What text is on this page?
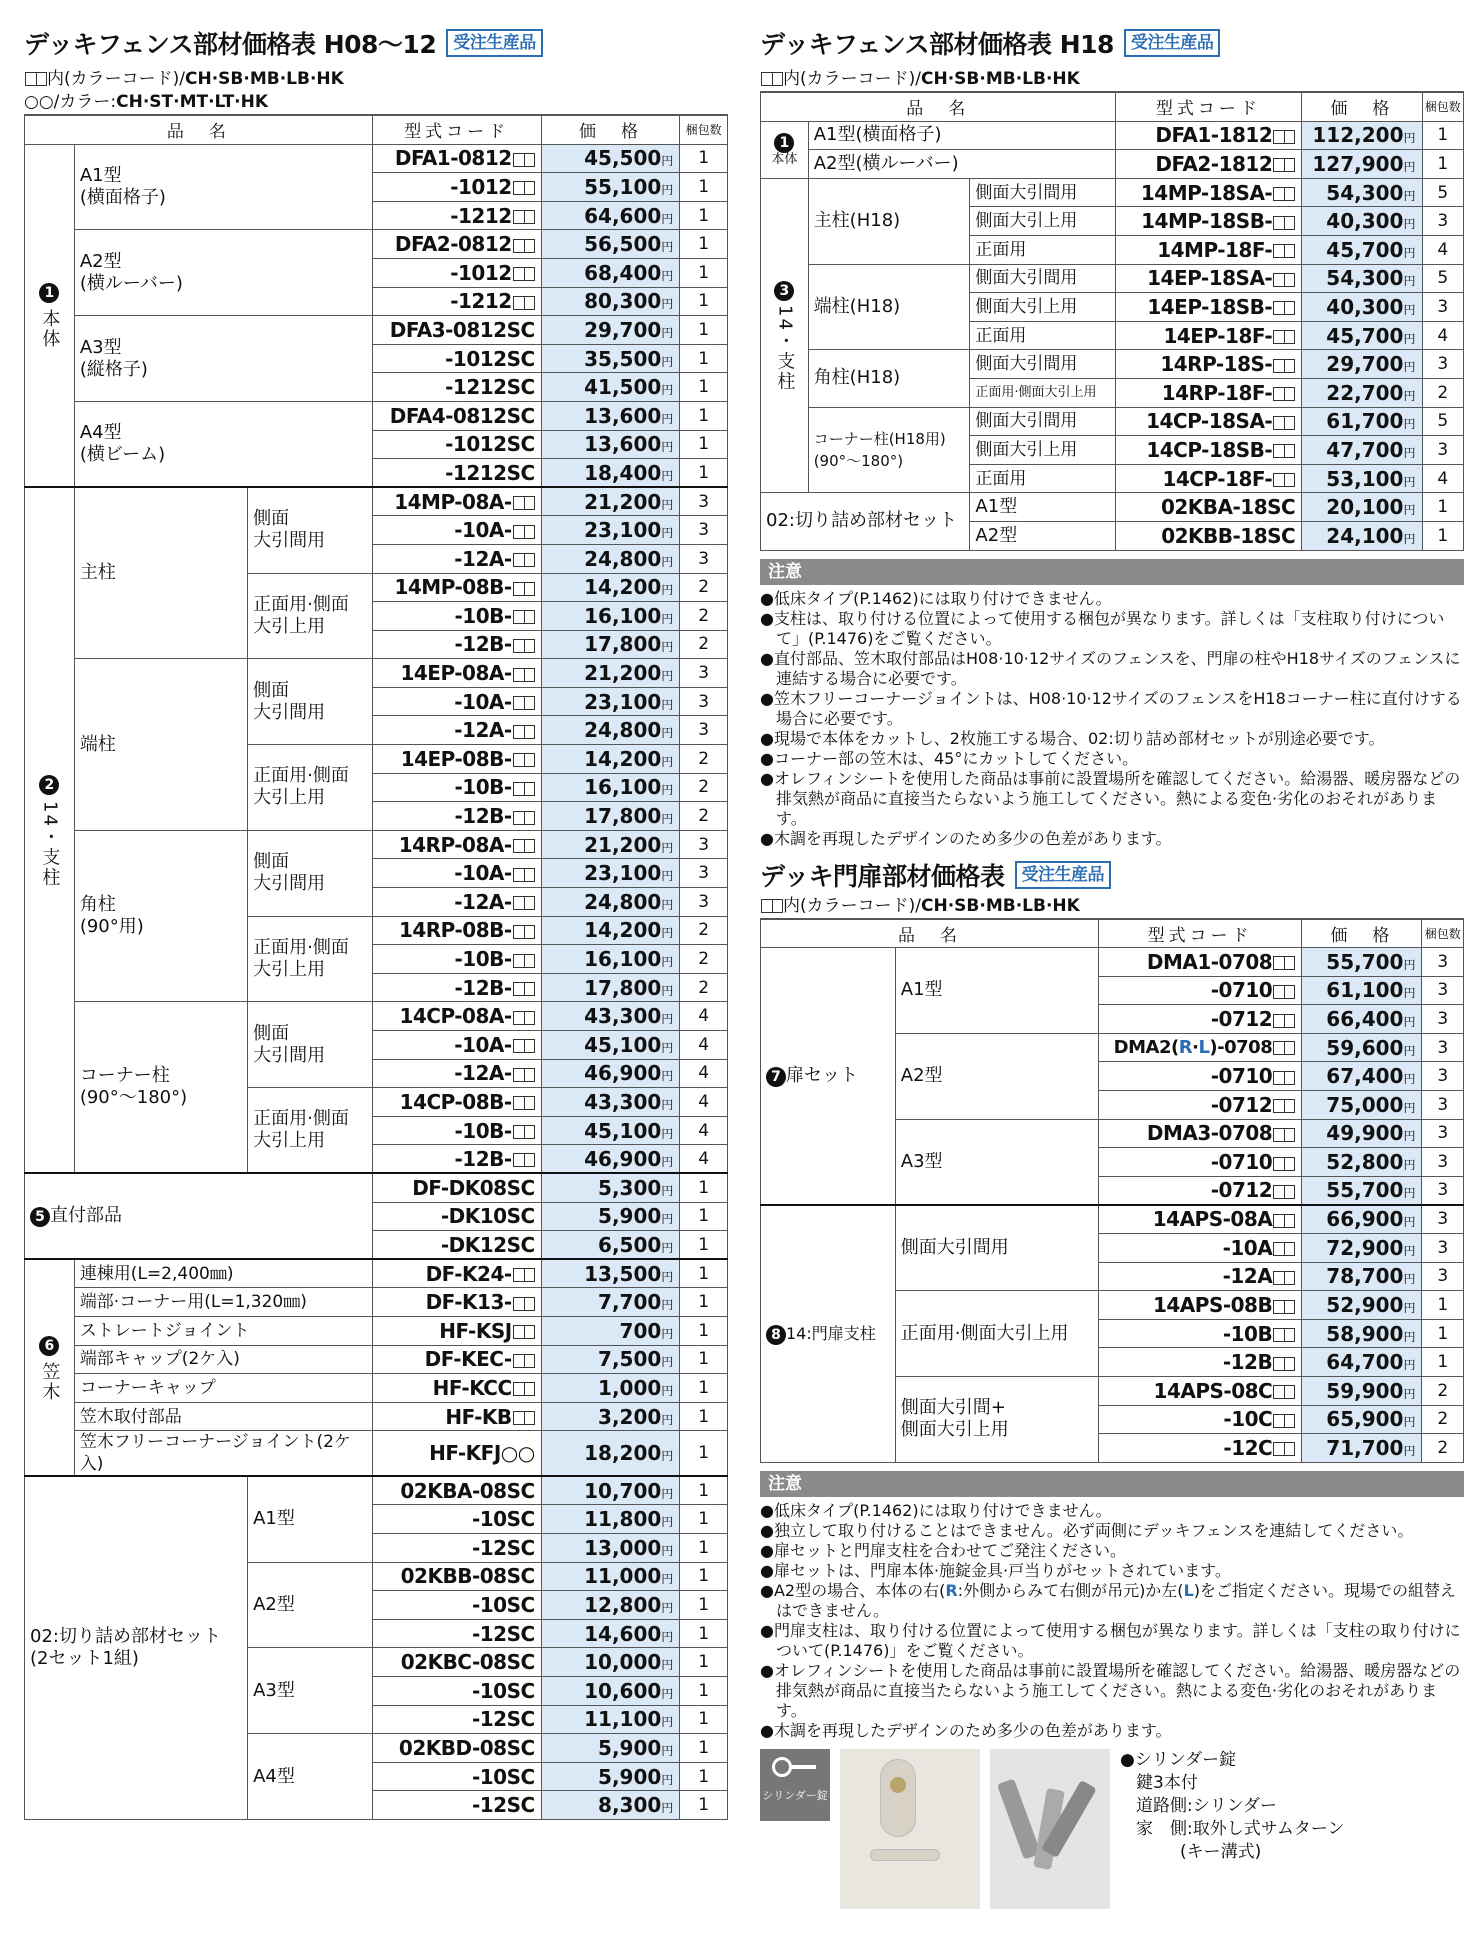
デッキフェンス部材価格表 H08〜12	受注生産品
内(カラーコード)/CH·SB·MB·LB·HK
○○/カラー:CH·ST·MT·LT·HK
品　名			型式コード	価　格	梱包数
1
本体	A1型
(横面格子)		DFA1-0812	45,500円	1
			-1012	55,100円	1
			-1212	64,600円	1
	A2型
(横ルーバー)		DFA2-0812	56,500円	1
			-1012	68,400円	1
			-1212	80,300円	1
	A3型
(縦格子)		DFA3-0812SC	29,700円	1
			-1012SC	35,500円	1
			-1212SC	41,500円	1
	A4型
(横ビーム)		DFA4-0812SC	13,600円	1
			-1012SC	13,600円	1
			-1212SC	18,400円	1
2
14・支柱	主柱	側面
大引間用	14MP-08A-	21,200円	3
			-10A-	23,100円	3
			-12A-	24,800円	3
		正面用·側面
大引上用	14MP-08B-	14,200円	2
			-10B-	16,100円	2
			-12B-	17,800円	2
	端柱	側面
大引間用	14EP-08A-	21,200円	3
			-10A-	23,100円	3
			-12A-	24,800円	3
		正面用·側面
大引上用	14EP-08B-	14,200円	2
			-10B-	16,100円	2
			-12B-	17,800円	2
	角柱
(90°用)	側面
大引間用	14RP-08A-	21,200円	3
			-10A-	23,100円	3
			-12A-	24,800円	3
		正面用·側面
大引上用	14RP-08B-	14,200円	2
			-10B-	16,100円	2
			-12B-	17,800円	2
	コーナー柱
(90°〜180°)	側面
大引間用	14CP-08A-	43,300円	4
			-10A-	45,100円	4
			-12A-	46,900円	4
		正面用·側面
大引上用	14CP-08B-	43,300円	4
			-10B-	45,100円	4
			-12B-	46,900円	4
5 直付部品			DF-DK08SC	5,300円	1
			-DK10SC	5,900円	1
			-DK12SC	6,500円	1
6
笠木	連棟用(L=2,400㎜)		DF-K24-	13,500円	1
	端部·コーナー用(L=1,320㎜)		DF-K13-	7,700円	1
	ストレートジョイント		HF-KSJ	700円	1
	端部キャップ(2ケ入)		DF-KEC-	7,500円	1
	コーナーキャップ		HF-KCC	1,000円	1
	笠木取付部品		HF-KB	3,200円	1
	笠木フリーコーナージョイント(2ケ入)		HF-KFJ○○	18,200円	1
02:切り詰め部材セット
(2セット1組)		A1型	02KBA-08SC	10,700円	1
			-10SC	11,800円	1
			-12SC	13,000円	1
		A2型	02KBB-08SC	11,000円	1
			-10SC	12,800円	1
			-12SC	14,600円	1
		A3型	02KBC-08SC	10,000円	1
			-10SC	10,600円	1
			-12SC	11,100円	1
		A4型	02KBD-08SC	5,900円	1
			-10SC	5,900円	1
			-12SC	8,300円	1
デッキフェンス部材価格表 H18	受注生産品
内(カラーコード)/CH·SB·MB·LB·HK
品　名			型式コード	価　格	梱包数
1
本体	A1型(横面格子)		DFA1-1812	112,200円	1
	A2型(横ルーバー)		DFA2-1812	127,900円	1
3
14・支柱	主柱(H18)	側面大引間用	14MP-18SA-	54,300円	5
		側面大引上用	14MP-18SB-	40,300円	3
		正面用	14MP-18F-	45,700円	4
	端柱(H18)	側面大引間用	14EP-18SA-	54,300円	5
		側面大引上用	14EP-18SB-	40,300円	3
		正面用	14EP-18F-	45,700円	4
	角柱(H18)	側面大引間用	14RP-18S-	29,700円	3
		正面用·側面大引上用	14RP-18F-	22,700円	2
	コーナー柱(H18用)
(90°〜180°)	側面大引間用	14CP-18SA-	61,700円	5
		側面大引上用	14CP-18SB-	47,700円	3
		正面用	14CP-18F-	53,100円	4
02:切り詰め部材セット		A1型	02KBA-18SC	20,100円	1
		A2型	02KBB-18SC	24,100円	1
注意
●低床タイプ(P.1462)には取り付けできません。
●支柱は、取り付ける位置によって使用する梱包が異なります。詳しくは「支柱取り付けについて」(P.1476)をご覧ください。
●直付部品、笠木取付部品はH08·10·12サイズのフェンスを、門扉の柱やH18サイズのフェンスに連結する場合に必要です。
●笠木フリーコーナージョイントは、H08·10·12サイズのフェンスをH18コーナー柱に直付けする場合に必要です。
●現場で本体をカットし、2枚施工する場合、02:切り詰め部材セットが別途必要です。
●コーナー部の笠木は、45°にカットしてください。
●オレフィンシートを使用した商品は事前に設置場所を確認してください。給湯器、暖房器などの排気熱が商品に直接当たらないよう施工してください。熱による変色·劣化のおそれがあります。
●木調を再現したデザインのため多少の色差があります。
デッキ門扉部材価格表	受注生産品
内(カラーコード)/CH·SB·MB·LB·HK
品　名		型式コード	価　格	梱包数
7 扉セット	A1型	DMA1-0708	55,700円	3
		-0710	61,100円	3
		-0712	66,400円	3
	A2型	DMA2(R·L)-0708	59,600円	3
		-0710	67,400円	3
		-0712	75,000円	3
	A3型	DMA3-0708	49,900円	3
		-0710	52,800円	3
		-0712	55,700円	3
8 14:門扉支柱	側面大引間用	14APS-08A	66,900円	3
		-10A	72,900円	3
		-12A	78,700円	3
	正面用·側面大引上用	14APS-08B	52,900円	1
		-10B	58,900円	1
		-12B	64,700円	1
	側面大引間+
側面大引上用	14APS-08C	59,900円	2
		-10C	65,900円	2
		-12C	71,700円	2
注意
●低床タイプ(P.1462)には取り付けできません。
●独立して取り付けることはできません。必ず両側にデッキフェンスを連結してください。
●扉セットと門扉支柱を合わせてご発注ください。
●扉セットは、門扉本体·施錠金具·戸当りがセットされています。
●A2型の場合、本体の右(R:外側からみて右側が吊元)か左(L)をご指定ください。現場での組替えはできません。
●門扉支柱は、取り付ける位置によって使用する梱包が異なります。詳しくは「支柱の取り付けについて(P.1476)」をご覧ください。
●オレフィンシートを使用した商品は事前に設置場所を確認してください。給湯器、暖房器などの排気熱が商品に直接当たらないよう施工してください。熱による変色·劣化のおそれがあります。
●木調を再現したデザインのため多少の色差があります。
シリンダー錠
●シリンダー錠
鍵3本付
道路側:シリンダー
家　側:取外し式サムターン
(キー溝式)
